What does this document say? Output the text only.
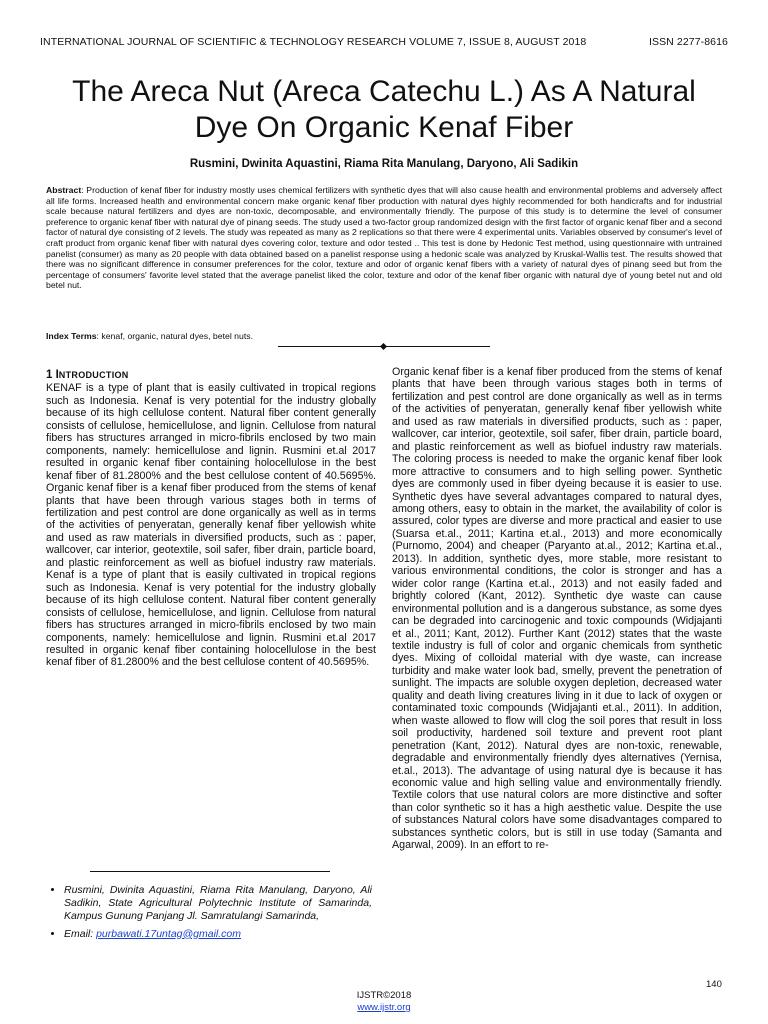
INTERNATIONAL JOURNAL OF SCIENTIFIC & TECHNOLOGY RESEARCH VOLUME 7, ISSUE 8, AUGUST 2018	ISSN 2277-8616
The Areca Nut (Areca Catechu L.) As A Natural
Dye On Organic Kenaf Fiber
Rusmini, Dwinita Aquastini, Riama Rita Manulang, Daryono, Ali Sadikin
Abstract: Production of kenaf fiber for industry mostly uses chemical fertilizers with synthetic dyes that will also cause health and environmental problems and adversely affect all life forms. Increased health and environmental concern make organic kenaf fiber production with natural dyes highly recommended for both handicrafts and for industrial scale because natural fertilizers and dyes are non-toxic, decomposable, and environmentally friendly. The purpose of this study is to determine the level of consumer preference to organic kenaf fiber with natural dye of pinang seeds. The study used a two-factor group randomized design with the first factor of organic kenaf fiber and a second factor of natural dye consisting of 2 levels. The study was repeated as many as 2 replications so that there were 4 experimental units. Variables observed by consumer's level of craft product from organic kenaf fiber with natural dyes covering color, texture and odor tested .. This test is done by Hedonic Test method, using questionnaire with untrained panelist (consumer) as many as 20 people with data obtained based on a panelist response using a hedonic scale was analyzed by Kruskal-Wallis test. The results showed that there was no significant difference in consumer preferences for the color, texture and odor of organic kenaf fibers with a variety of natural dyes of pinang seed but from the percentage of consumers' favorite level stated that the average panelist liked the color, texture and odor of the kenaf fiber organic with natural dye of young betel nut and old betel nut.
Index Terms: kenaf, organic, natural dyes, betel nuts.
1 INTRODUCTION

KENAF is a type of plant that is easily cultivated in tropical regions such as Indonesia. Kenaf is very potential for the industry globally because of its high cellulose content. Natural fiber content generally consists of cellulose, hemicellulose, and lignin. Cellulose from natural fibers has structures arranged in micro-fibrils enclosed by two main components, namely: hemicellulose and lignin. Rusmini et.al 2017 resulted in organic kenaf fiber containing holocellulose in the best kenaf fiber of 81.2800% and the best cellulose content of 40.5695%. Organic kenaf fiber is a kenaf fiber produced from the stems of kenaf plants that have been through various stages both in terms of fertilization and pest control are done organically as well as in terms of the activities of penyeratan, generally kenaf fiber yellowish white and used as raw materials in diversified products, such as : paper, wallcover, car interior, geotextile, soil safer, fiber drain, particle board, and plastic reinforcement as well as biofuel industry raw materials. Kenaf is a type of plant that is easily cultivated in tropical regions such as Indonesia. Kenaf is very potential for the industry globally because of its high cellulose content. Natural fiber content generally consists of cellulose, hemicellulose, and lignin. Cellulose from natural fibers has structures arranged in micro-fibrils enclosed by two main components, namely: hemicellulose and lignin. Rusmini et.al 2017 resulted in organic kenaf fiber containing holocellulose in the best kenaf fiber of 81.2800% and the best cellulose content of 40.5695%.

Organic kenaf fiber is a kenaf fiber produced from the stems of kenaf plants that have been through various stages both in terms of fertilization and pest control are done organically as well as in terms of the activities of penyeratan, generally kenaf fiber yellowish white and used as raw materials in diversified products, such as : paper, wallcover, car interior, geotextile, soil safer, fiber drain, particle board, and plastic reinforcement as well as biofuel industry raw materials. The coloring process is needed to make the organic kenaf fiber look more attractive to consumers and to high selling power. Synthetic dyes are commonly used in fiber dyeing because it is easier to use. Synthetic dyes have several advantages compared to natural dyes, among others, easy to obtain in the market, the availability of color is assured, color types are diverse and more practical and easier to use (Suarsa et.al., 2011; Kartina et.al., 2013) and more economically (Purnomo, 2004) and cheaper (Paryanto at.al., 2012; Kartina et.al., 2013). In addition, synthetic dyes, more stable, more resistant to various environmental conditions, the color is stronger and has a wider color range (Kartina et.al., 2013) and not easily faded and brightly colored (Kant, 2012). Synthetic dye waste can cause environmental pollution and is a dangerous substance, as some dyes can be degraded into carcinogenic and toxic compounds (Widjajanti et al., 2011; Kant, 2012). Further Kant (2012) states that the waste textile industry is full of color and organic chemicals from synthetic dyes. Mixing of colloidal material with dye waste, can increase turbidity and make water look bad, smelly, prevent the penetration of sunlight. The impacts are soluble oxygen depletion, decreased water quality and death living creatures living in it due to lack of oxygen or contaminated toxic compounds (Widjajanti et.al., 2011). In addition, when waste allowed to flow will clog the soil pores that result in loss soil productivity, hardened soil texture and prevent root plant penetration (Kant, 2012). Natural dyes are non-toxic, renewable, degradable and environmentally friendly dyes alternatives (Yernisa, et.al., 2013). The advantage of using natural dye is because it has economic value and high selling value and environmentally friendly. Textile colors that use natural colors are more distinctive and softer than color synthetic so it has a high aesthetic value. Despite the use of substances Natural colors have some disadvantages compared to substances synthetic colors, but is still in use today (Samanta and Agarwal, 2009). In an effort to re-

• Rusmini, Dwinita Aquastini, Riama Rita Manulang, Daryono, Ali Sadikin, State Agricultural Polytechnic Institute of Samarinda, Kampus Gunung Panjang Jl. Samratulangi Samarinda,
• Email: purbawati.17untag@gmail.com
140
IJSTR©2018
www.ijstr.org
